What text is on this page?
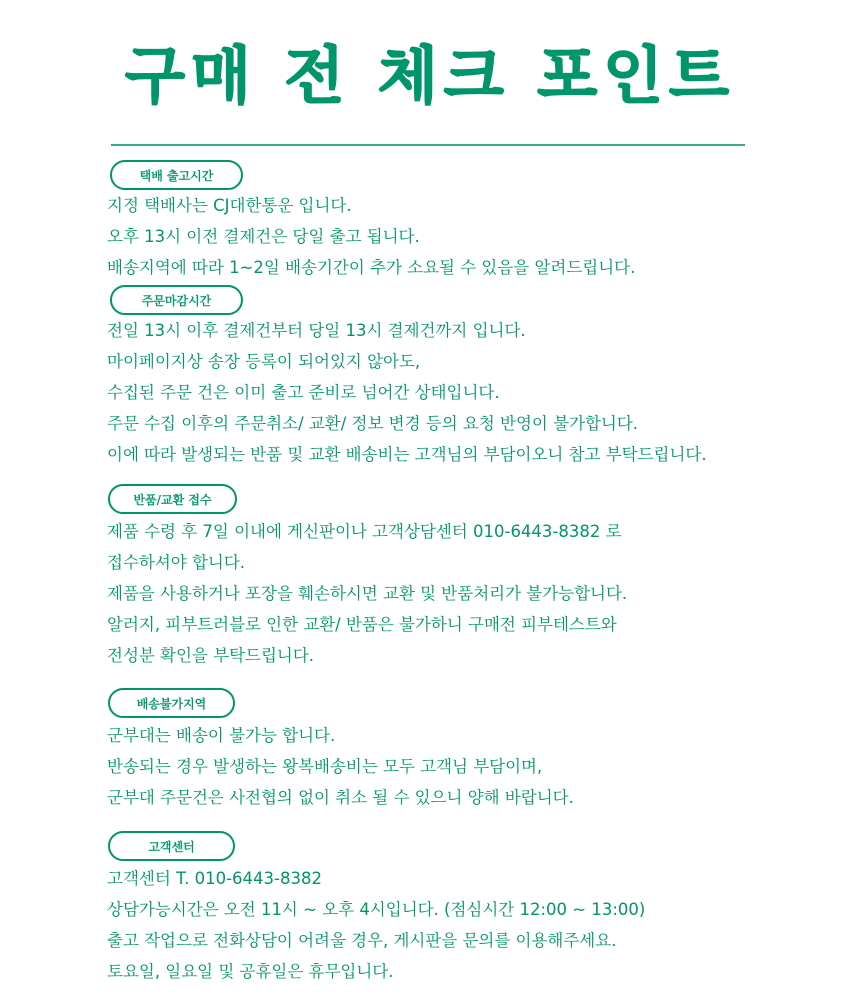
구매 전 체크 포인트
택배 출고시간
지정 택배사는 CJ대한통운 입니다.
오후 13시 이전 결제건은 당일 출고 됩니다.
배송지역에 따라 1~2일 배송기간이 추가 소요될 수 있음을 알려드립니다.
주문마감시간
전일 13시 이후 결제건부터 당일 13시 결제건까지 입니다.
마이페이지상 송장 등록이 되어있지 않아도,
수집된 주문 건은 이미 출고 준비로 넘어간 상태입니다.
주문 수집 이후의 주문취소/ 교환/ 정보 변경 등의 요청 반영이 불가합니다.
이에 따라 발생되는 반품 및 교환 배송비는 고객님의 부담이오니 참고 부탁드립니다.
반품/교환 접수
제품 수령 후 7일 이내에 게신판이나 고객상담센터 010-6443-8382 로
접수하셔야 합니다.
제품을 사용하거나 포장을 훼손하시면 교환 및 반품처리가 불가능합니다.
알러지, 피부트러블로 인한 교환/ 반품은 불가하니 구매전 피부테스트와
전성분 확인을 부탁드립니다.
배송불가지역
군부대는 배송이 불가능 합니다.
반송되는 경우 발생하는 왕복배송비는 모두 고객님 부담이며,
군부대 주문건은 사전협의 없이 취소 될 수 있으니 양해 바랍니다.
고객센터
고객센터 T. 010-6443-8382
상담가능시간은 오전 11시 ~ 오후 4시입니다. (점심시간 12:00 ~ 13:00)
출고 작업으로 전화상담이 어려울 경우, 게시판을 문의를 이용해주세요.
토요일, 일요일 및 공휴일은 휴무입니다.
